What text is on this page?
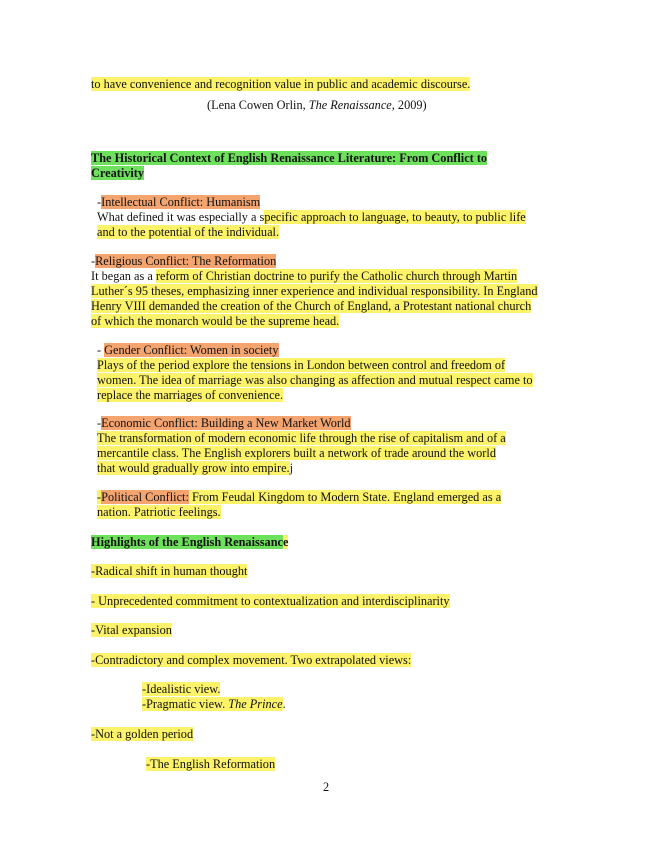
to have convenience and recognition value in public and academic discourse.
(Lena Cowen Orlin, The Renaissance, 2009)
The Historical Context of English Renaissance Literature: From Conflict to
Creativity
-Intellectual Conflict: Humanism
What defined it was especially a specific approach to language, to beauty, to public life
and to the potential of the individual.
-Religious Conflict: The Reformation
It began as a reform of Christian doctrine to purify the Catholic church through Martin
Luther´s 95 theses, emphasizing inner experience and individual responsibility. In England
Henry VIII demanded the creation of the Church of England, a Protestant national church
of which the monarch would be the supreme head.
- Gender Conflict: Women in society
Plays of the period explore the tensions in London between control and freedom of
women. The idea of marriage was also changing as affection and mutual respect came to
replace the marriages of convenience.
-Economic Conflict: Building a New Market World
The transformation of modern economic life through the rise of capitalism and of a
mercantile class. The English explorers built a network of trade around the world
that would gradually grow into empire.j
-Political Conflict: From Feudal Kingdom to Modern State. England emerged as a
nation. Patriotic feelings.
Highlights of the English Renaissance
-Radical shift in human thought
- Unprecedented commitment to contextualization and interdisciplinarity
-Vital expansion
-Contradictory and complex movement. Two extrapolated views:
-Idealistic view.
-Pragmatic view. The Prince.
-Not a golden period
-The English Reformation
2
